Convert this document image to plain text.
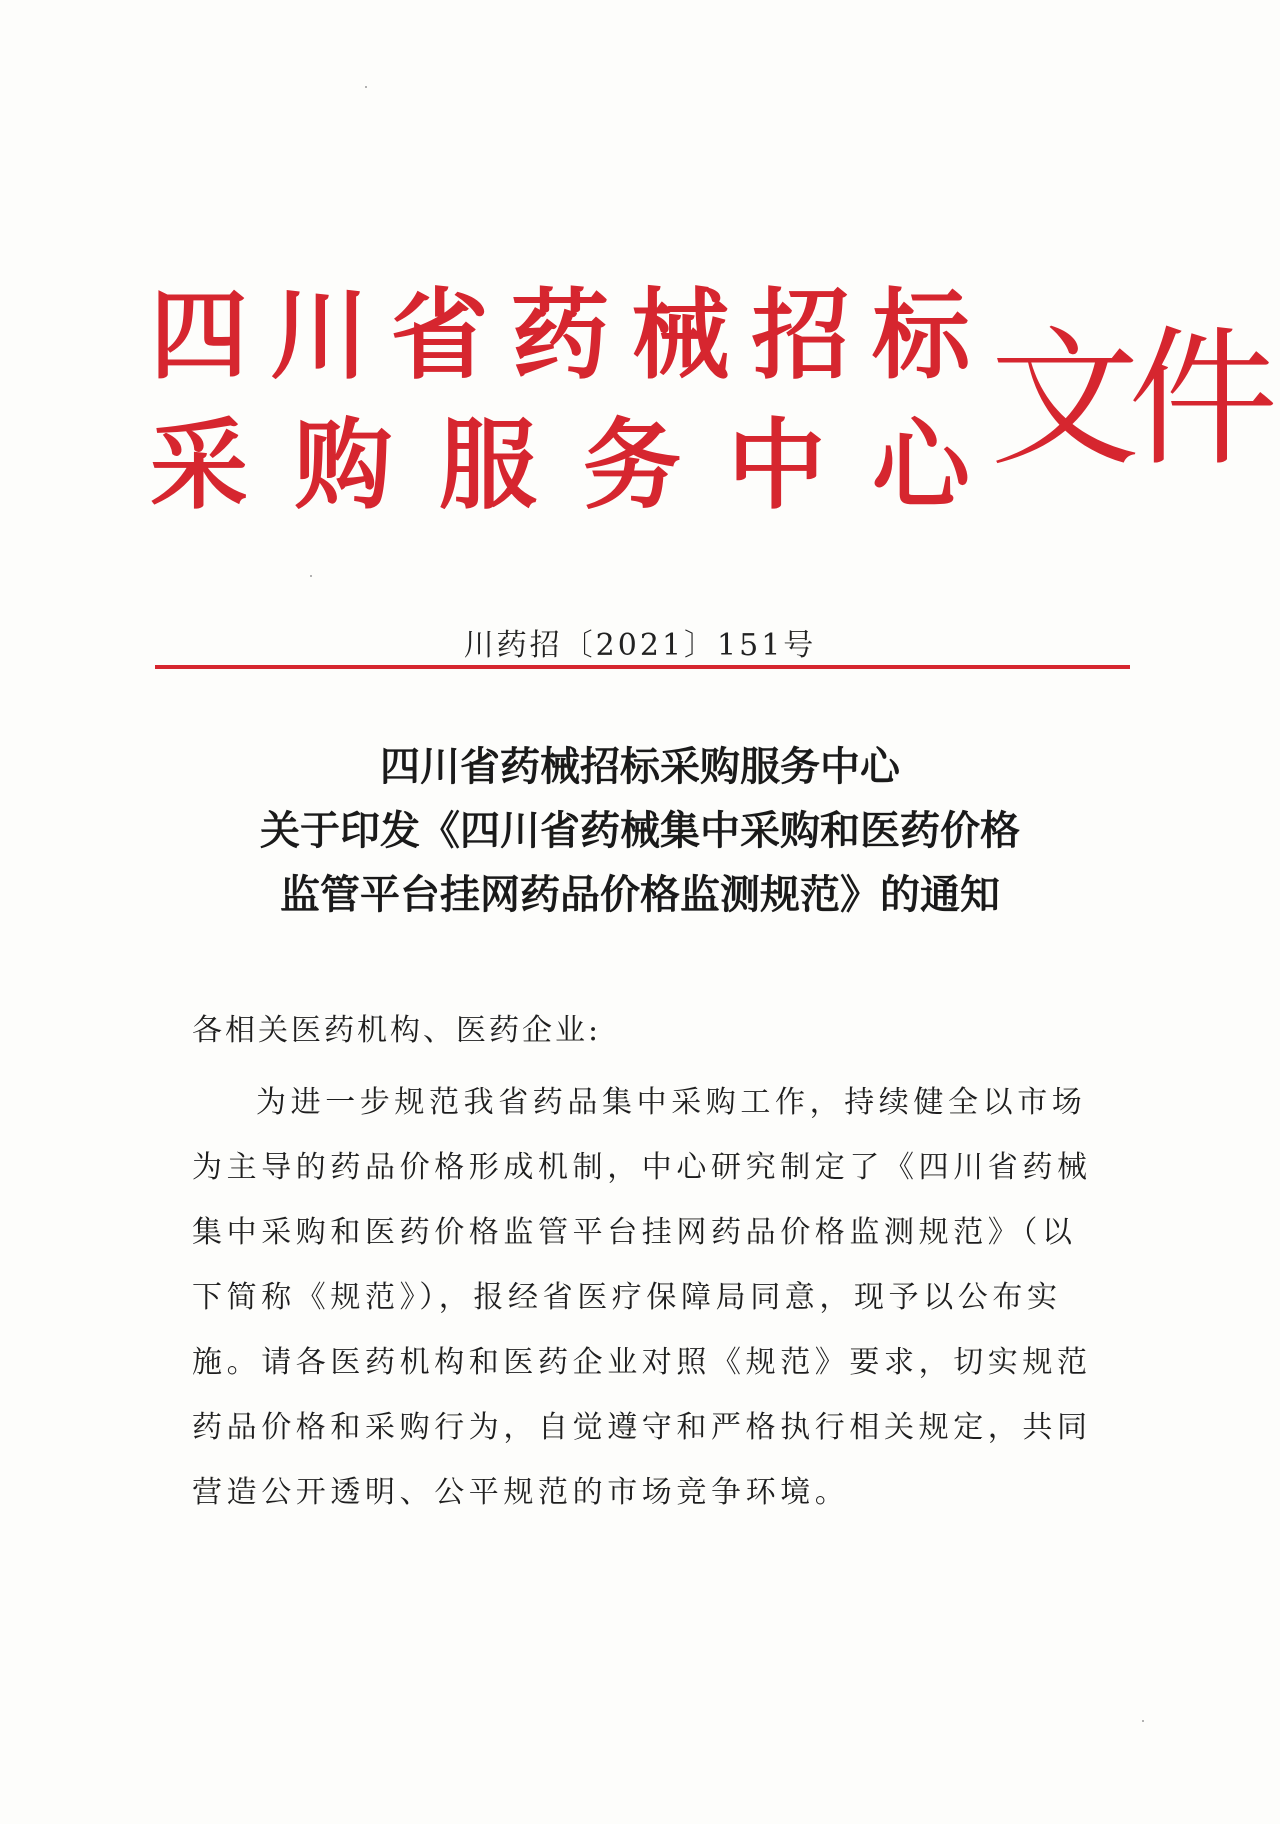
四 川 省 药 械 招 标
采 购 服 务 中 心 文 件
川药招〔2021〕151号
四川省药械招标采购服务中心
关于印发《四川省药械集中采购和医药价格
监管平台挂网药品价格监测规范》的通知
各相关医药机构、医药企业:
为进一步规范我省药品集中采购工作，持续健全以市场
为主导的药品价格形成机制，中心研究制定了《四川省药械
集中采购和医药价格监管平台挂网药品价格监测规范》（以
下简称《规范》），报经省医疗保障局同意，现予以公布实
施。请各医药机构和医药企业对照《规范》要求，切实规范
药品价格和采购行为，自觉遵守和严格执行相关规定，共同
营造公开透明、公平规范的市场竞争环境。
